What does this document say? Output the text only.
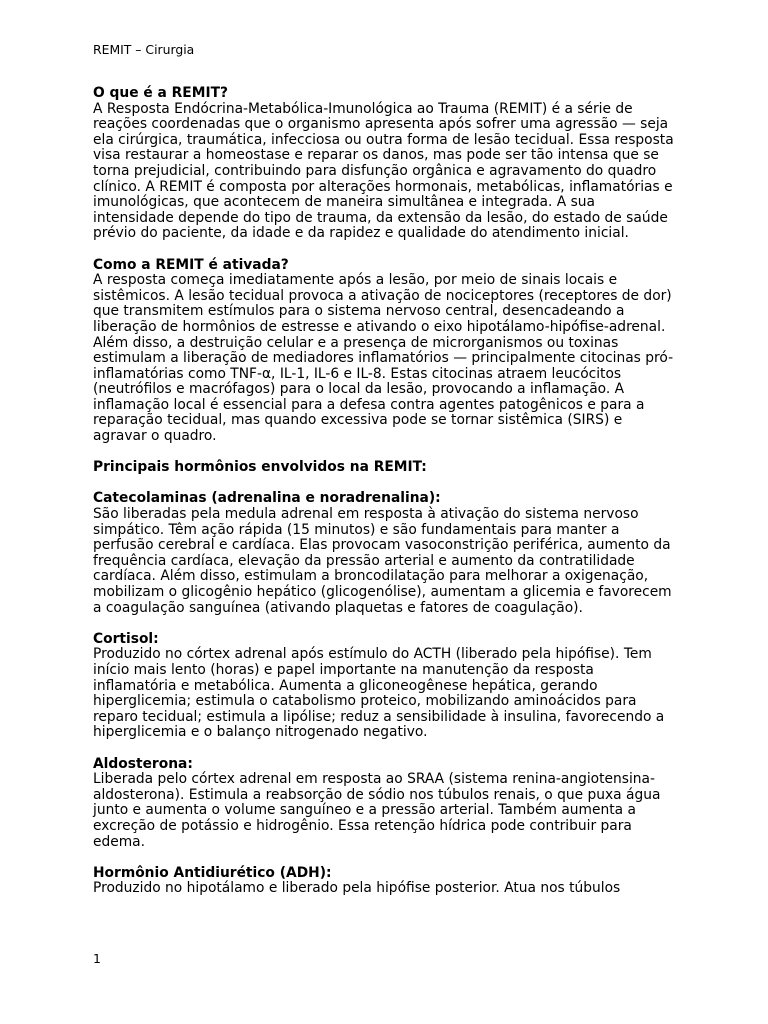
REMIT – Cirurgia
O que é a REMIT?

A Resposta Endócrina-Metabólica-Imunológica ao Trauma (REMIT) é a série de reações coordenadas que o organismo apresenta após sofrer uma agressão — seja ela cirúrgica, traumática, infecciosa ou outra forma de lesão tecidual. Essa resposta visa restaurar a homeostase e reparar os danos, mas pode ser tão intensa que se torna prejudicial, contribuindo para disfunção orgânica e agravamento do quadro clínico. A REMIT é composta por alterações hormonais, metabólicas, inflamatórias e imunológicas, que acontecem de maneira simultânea e integrada. A sua intensidade depende do tipo de trauma, da extensão da lesão, do estado de saúde prévio do paciente, da idade e da rapidez e qualidade do atendimento inicial.

Como a REMIT é ativada?

A resposta começa imediatamente após a lesão, por meio de sinais locais e sistêmicos. A lesão tecidual provoca a ativação de nociceptores (receptores de dor) que transmitem estímulos para o sistema nervoso central, desencadeando a liberação de hormônios de estresse e ativando o eixo hipotálamo-hipófise-adrenal. Além disso, a destruição celular e a presença de microrganismos ou toxinas estimulam a liberação de mediadores inflamatórios — principalmente citocinas pró-inflamatórias como TNF-α, IL-1, IL-6 e IL-8. Estas citocinas atraem leucócitos (neutrófilos e macrófagos) para o local da lesão, provocando a inflamação. A inflamação local é essencial para a defesa contra agentes patogênicos e para a reparação tecidual, mas quando excessiva pode se tornar sistêmica (SIRS) e agravar o quadro.

Principais hormônios envolvidos na REMIT:
Catecolaminas (adrenalina e noradrenalina):

São liberadas pela medula adrenal em resposta à ativação do sistema nervoso simpático. Têm ação rápida (15 minutos) e são fundamentais para manter a perfusão cerebral e cardíaca. Elas provocam vasoconstrição periférica, aumento da frequência cardíaca, elevação da pressão arterial e aumento da contratilidade cardíaca. Além disso, estimulam a broncodilatação para melhorar a oxigenação, mobilizam o glicogênio hepático (glicogenólise), aumentam a glicemia e favorecem a coagulação sanguínea (ativando plaquetas e fatores de coagulação).

Cortisol:

Produzido no córtex adrenal após estímulo do ACTH (liberado pela hipófise). Tem início mais lento (horas) e papel importante na manutenção da resposta inflamatória e metabólica. Aumenta a gliconeogênese hepática, gerando hiperglicemia; estimula o catabolismo proteico, mobilizando aminoácidos para reparo tecidual; estimula a lipólise; reduz a sensibilidade à insulina, favorecendo a hiperglicemia e o balanço nitrogenado negativo.

Aldosterona:

Liberada pelo córtex adrenal em resposta ao SRAA (sistema renina-angiotensina-aldosterona). Estimula a reabsorção de sódio nos túbulos renais, o que puxa água junto e aumenta o volume sanguíneo e a pressão arterial. Também aumenta a excreção de potássio e hidrogênio. Essa retenção hídrica pode contribuir para edema.

Hormônio Antidiurético (ADH):

Produzido no hipotálamo e liberado pela hipófise posterior. Atua nos túbulos

1
